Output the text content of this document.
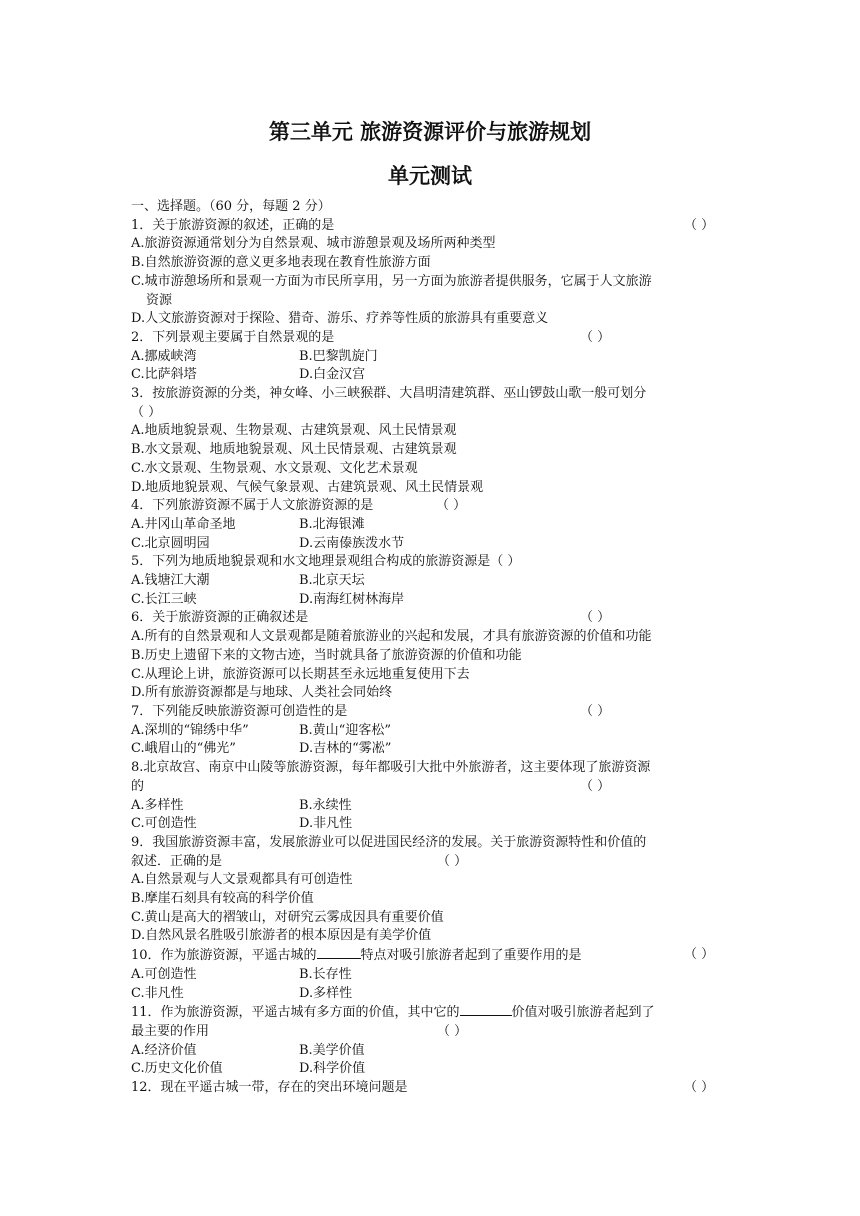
第三单元 旅游资源评价与旅游规划
单元测试
一、选择题。（60 分，每题 2 分）
1．关于旅游资源的叙述，正确的是	（ ）
A.旅游资源通常划分为自然景观、城市游憩景观及场所两种类型
B.自然旅游资源的意义更多地表现在教育性旅游方面
C.城市游憩场所和景观一方面为市民所享用，另一方面为旅游者提供服务，它属于人文旅游
资源
D.人文旅游资源对于探险、猎奇、游乐、疗养等性质的旅游具有重要意义
2．下列景观主要属于自然景观的是	（ ）
A.挪威峡湾	B.巴黎凯旋门
C.比萨斜塔	D.白金汉宫
3．按旅游资源的分类，神女峰、小三峡猴群、大昌明清建筑群、巫山锣鼓山歌一般可划分
（ ）
A.地质地貌景观、生物景观、古建筑景观、风土民情景观
B.水文景观、地质地貌景观、风土民情景观、古建筑景观
C.水文景观、生物景观、水文景观、文化艺术景观
D.地质地貌景观、气候气象景观、古建筑景观、风土民情景观
4．下列旅游资源不属于人文旅游资源的是	（ ）
A.井冈山革命圣地	B.北海银滩
C.北京圆明园	D.云南傣族泼水节
5．下列为地质地貌景观和水文地理景观组合构成的旅游资源是（ ）
A.钱塘江大潮	B.北京天坛
C.长江三峡	D.南海红树林海岸
6．关于旅游资源的正确叙述是	（ ）
A.所有的自然景观和人文景观都是随着旅游业的兴起和发展，才具有旅游资源的价值和功能
B.历史上遗留下来的文物古迹，当时就具备了旅游资源的价值和功能
C.从理论上讲，旅游资源可以长期甚至永远地重复使用下去
D.所有旅游资源都是与地球、人类社会同始终
7．下列能反映旅游资源可创造性的是	（ ）
A.深圳的“锦绣中华”	B.黄山“迎客松”
C.峨眉山的“佛光”	D.吉林的“雾凇”
8.北京故宫、南京中山陵等旅游资源，每年都吸引大批中外旅游者，这主要体现了旅游资源
的	（ ）
A.多样性	B.永续性
C.可创造性	D.非凡性
9．我国旅游资源丰富，发展旅游业可以促进国民经济的发展。关于旅游资源特性和价值的
叙述．正确的是	（ ）
A.自然景观与人文景观都具有可创造性
B.摩崖石刻具有较高的科学价值
C.黄山是高大的褶皱山，对研究云雾成因具有重要价值
D.自然风景名胜吸引旅游者的根本原因是有美学价值
10．作为旅游资源，平遥古城的	特点对吸引旅游者起到了重要作用的是	（ ）
A.可创造性	B.长存性
C.非凡性	D.多样性
11．作为旅游资源，平遥古城有多方面的价值，其中它的	价值对吸引旅游者起到了
最主要的作用	（ ）
A.经济价值	B.美学价值
C.历史文化价值	D.科学价值
12．现在平遥古城一带，存在的突出环境问题是	（ ）
